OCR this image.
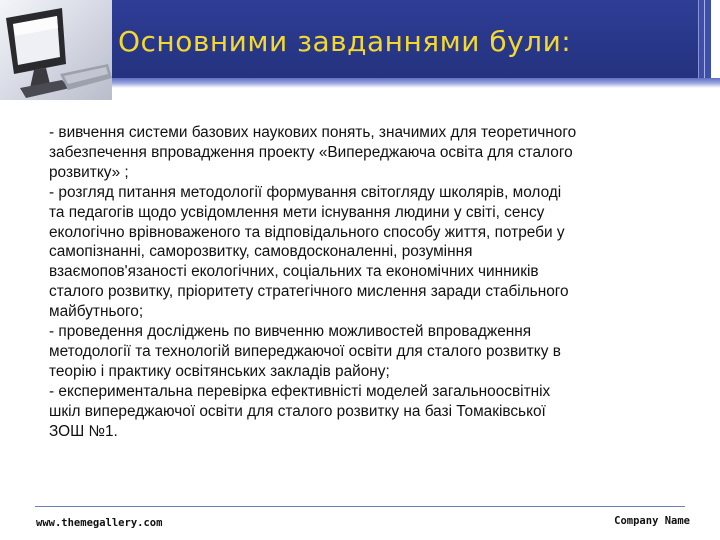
Основними завданнями були:
- вивчення системи базових наукових понять, значимих для теоретичного
забезпечення впровадження проекту «Випереджаюча освіта для сталого
розвитку» ;
- розгляд питання методології формування світогляду школярів, молоді
та педагогів щодо усвідомлення мети існування людини у світі, сенсу
екологічно врівноваженого та відповідального способу життя, потреби у
самопізнанні, саморозвитку, самовдосконаленні, розуміння
взаємопов'язаності екологічних, соціальних та економічних чинників
сталого розвитку, пріоритету стратегічного мислення заради стабільного
майбутнього;
- проведення досліджень по вивченню можливостей впровадження
методології та технологій випереджаючої освіти для сталого розвитку в
теорію і практику освітянських закладів району;
- експериментальна перевірка ефективністі моделей загальноосвітніх
шкіл випереджаючої освіти для сталого розвитку на базі Томаківської
ЗОШ №1.
www.themegallery.com	Company Name
